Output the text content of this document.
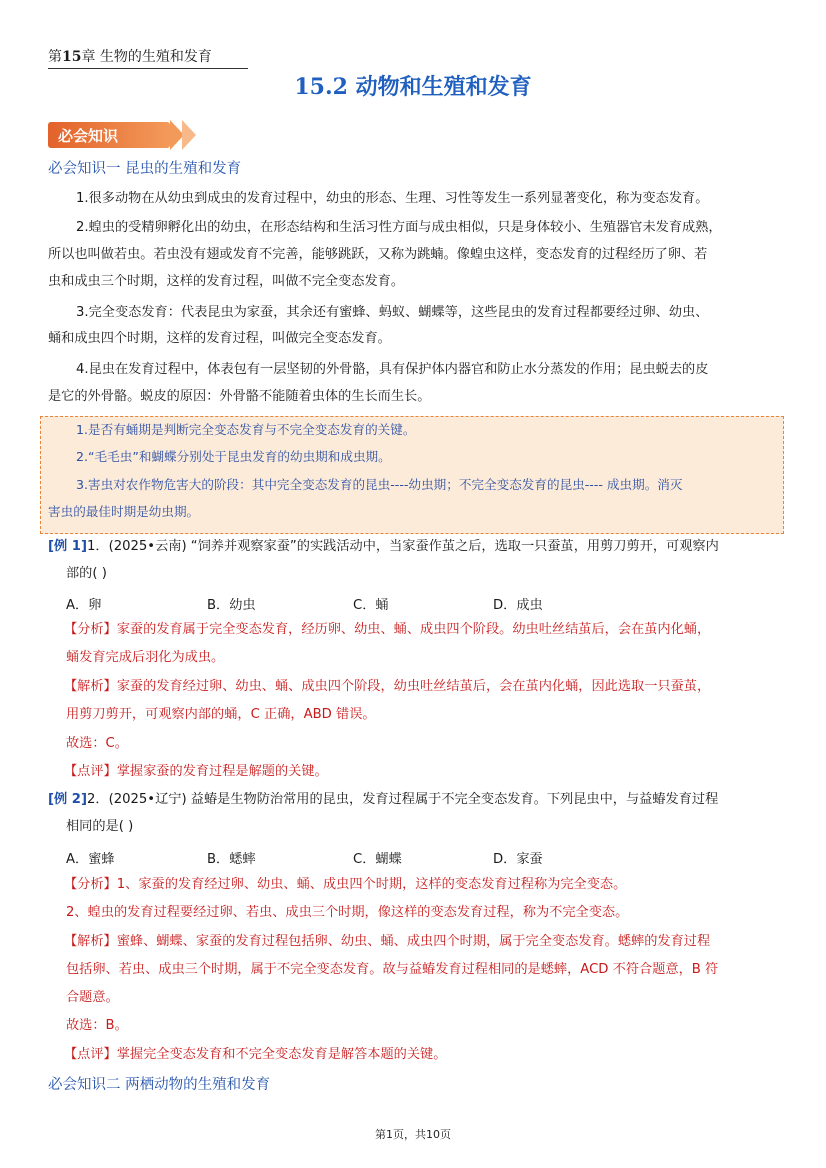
第15章 生物的生殖和发育
15.2 动物和生殖和发育
必会知识
必会知识一 昆虫的生殖和发育
1.很多动物在从幼虫到成虫的发育过程中，幼虫的形态、生理、习性等发生一系列显著变化，称为变态发育。
2.蝗虫的受精卵孵化出的幼虫，在形态结构和生活习性方面与成虫相似，只是身体较小、生殖器官未发育成熟，
所以也叫做若虫。若虫没有翅或发育不完善，能够跳跃，又称为跳蝻。像蝗虫这样，变态发育的过程经历了卵、若
虫和成虫三个时期，这样的发育过程，叫做不完全变态发育。
3.完全变态发育：代表昆虫为家蚕，其余还有蜜蜂、蚂蚁、蝴蝶等，这些昆虫的发育过程都要经过卵、幼虫、
蛹和成虫四个时期，这样的发育过程，叫做完全变态发育。
4.昆虫在发育过程中，体表包有一层坚韧的外骨骼，具有保护体内器官和防止水分蒸发的作用；昆虫蜕去的皮
是它的外骨骼。蜕皮的原因：外骨骼不能随着虫体的生长而生长。
1.是否有蛹期是判断完全变态发育与不完全变态发育的关键。
2.“毛毛虫”和蝴蝶分别处于昆虫发育的幼虫期和成虫期。
3.害虫对农作物危害大的阶段：其中完全变态发育的昆虫----幼虫期；不完全变态发育的昆虫---- 成虫期。消灭
害虫的最佳时期是幼虫期。
[例 1]1．(2025•云南) “饲养并观察家蚕”的实践活动中，当家蚕作茧之后，选取一只蚕茧，用剪刀剪开，可观察内
部的( )
A．卵	B．幼虫	C．蛹	D．成虫
【分析】家蚕的发育属于完全变态发育，经历卵、幼虫、蛹、成虫四个阶段。幼虫吐丝结茧后，会在茧内化蛹，
蛹发育完成后羽化为成虫。
【解析】家蚕的发育经过卵、幼虫、蛹、成虫四个阶段，幼虫吐丝结茧后，会在茧内化蛹，因此选取一只蚕茧，
用剪刀剪开，可观察内部的蛹，C 正确，ABD 错误。
故选：C。
【点评】掌握家蚕的发育过程是解题的关键。
[例 2]2．(2025•辽宁) 益蝽是生物防治常用的昆虫，发育过程属于不完全变态发育。下列昆虫中，与益蝽发育过程
相同的是( )
A．蜜蜂	B．蟋蟀	C．蝴蝶	D．家蚕
【分析】1、家蚕的发育经过卵、幼虫、蛹、成虫四个时期，这样的变态发育过程称为完全变态。
2、蝗虫的发育过程要经过卵、若虫、成虫三个时期，像这样的变态发育过程，称为不完全变态。
【解析】蜜蜂、蝴蝶、家蚕的发育过程包括卵、幼虫、蛹、成虫四个时期，属于完全变态发育。蟋蟀的发育过程
包括卵、若虫、成虫三个时期，属于不完全变态发育。故与益蝽发育过程相同的是蟋蟀，ACD 不符合题意，B 符
合题意。
故选：B。
【点评】掌握完全变态发育和不完全变态发育是解答本题的关键。
必会知识二 两栖动物的生殖和发育
第1页，共10页
